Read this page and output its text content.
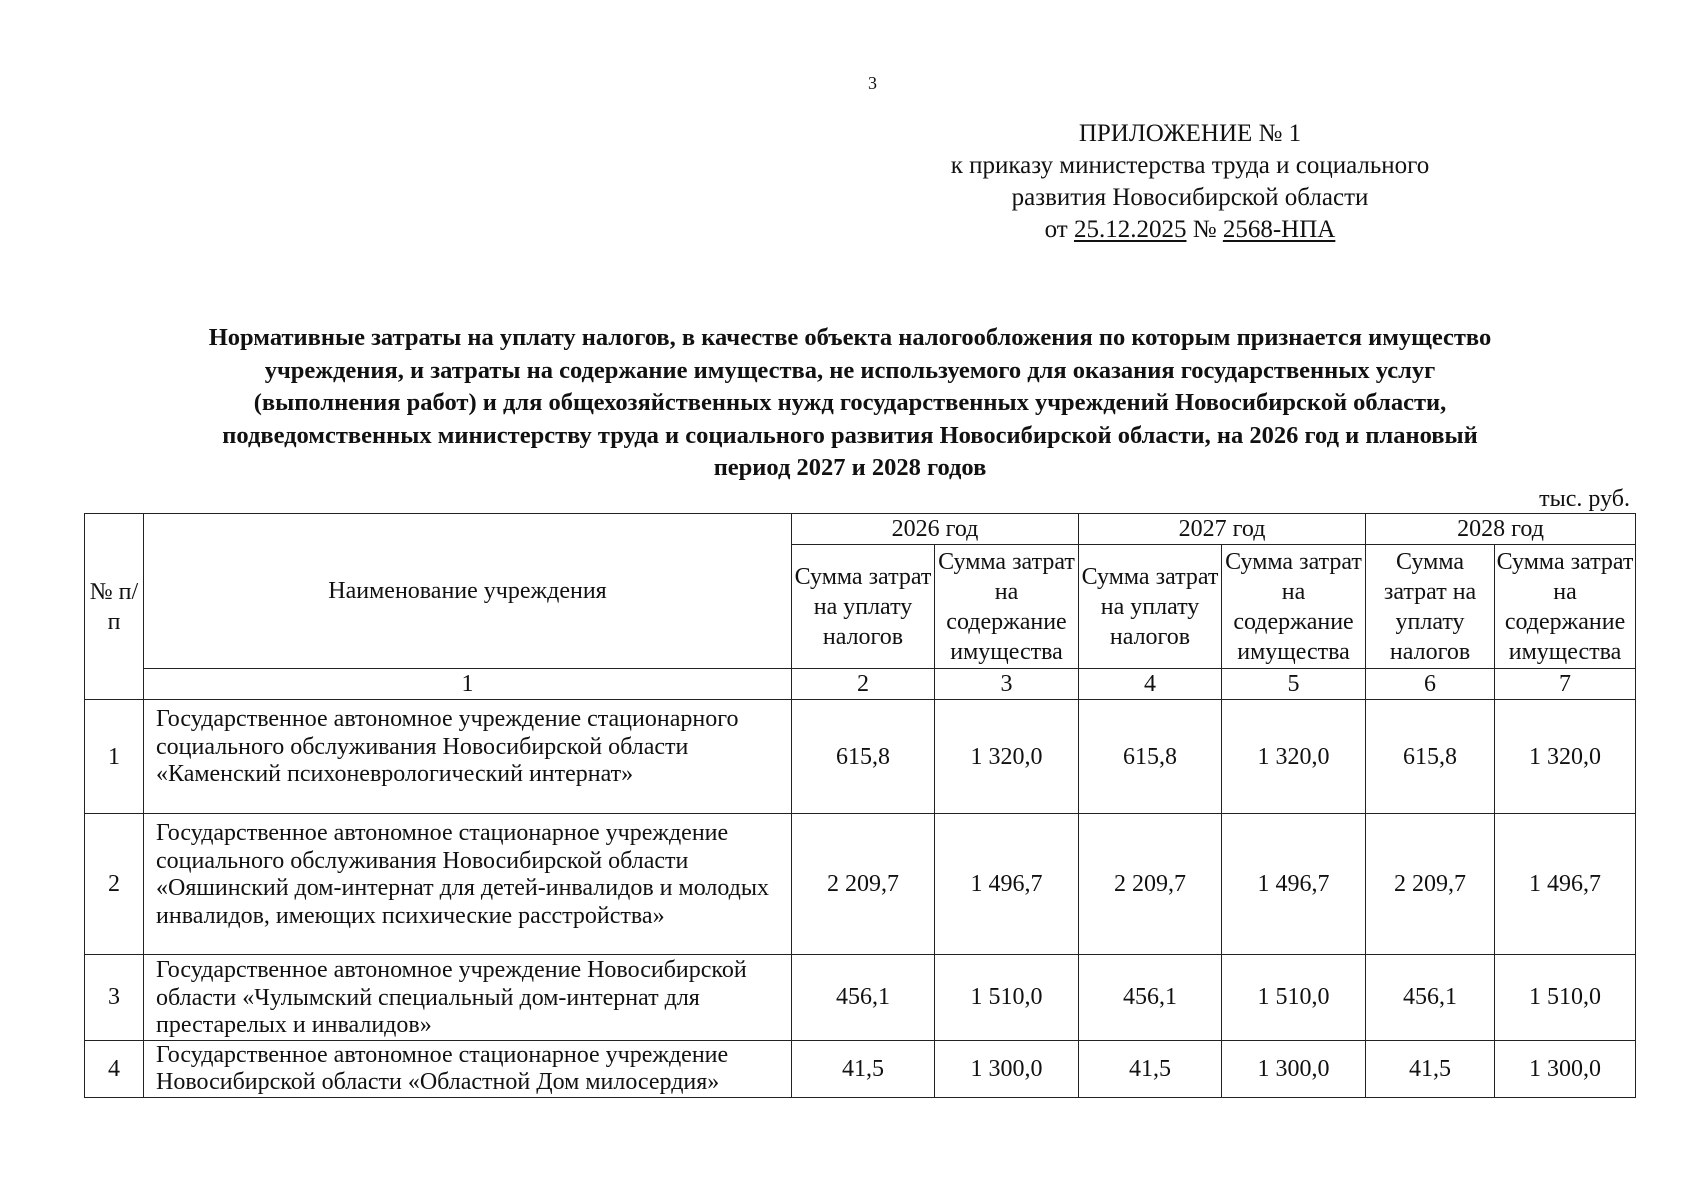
3
ПРИЛОЖЕНИЕ № 1
к приказу министерства труда и социального
развития Новосибирской области
от 25.12.2025 № 2568-НПА
Нормативные затраты на уплату налогов, в качестве объекта налогообложения по которым признается имущество
учреждения, и затраты на содержание имущества, не используемого для оказания государственных услуг
(выполнения работ) и для общехозяйственных нужд государственных учреждений Новосибирской области,
подведомственных министерству труда и социального развития Новосибирской области, на 2026 год и плановый
период 2027 и 2028 годов
тыс. руб.
№ п/п	Наименование учреждения	2026 год		2027 год		2028 год	
		Сумма затрат на уплату налогов	Сумма затрат на содержание имущества	Сумма затрат на уплату налогов	Сумма затрат на содержание имущества	Сумма затрат на уплату налогов	Сумма затрат на содержание имущества
	1	2	3	4	5	6	7
1	Государственное автономное учреждение стационарного социального обслуживания Новосибирской области «Каменский психоневрологический интернат»	615,8	1 320,0	615,8	1 320,0	615,8	1 320,0
2	Государственное автономное стационарное учреждение социального обслуживания Новосибирской области «Ояшинский дом-интернат для детей-инвалидов и молодых инвалидов, имеющих психические расстройства»	2 209,7	1 496,7	2 209,7	1 496,7	2 209,7	1 496,7
3	Государственное автономное учреждение Новосибирской области «Чулымский специальный дом-интернат для престарелых и инвалидов»	456,1	1 510,0	456,1	1 510,0	456,1	1 510,0
4	Государственное автономное стационарное учреждение Новосибирской области «Областной Дом милосердия»	41,5	1 300,0	41,5	1 300,0	41,5	1 300,0
